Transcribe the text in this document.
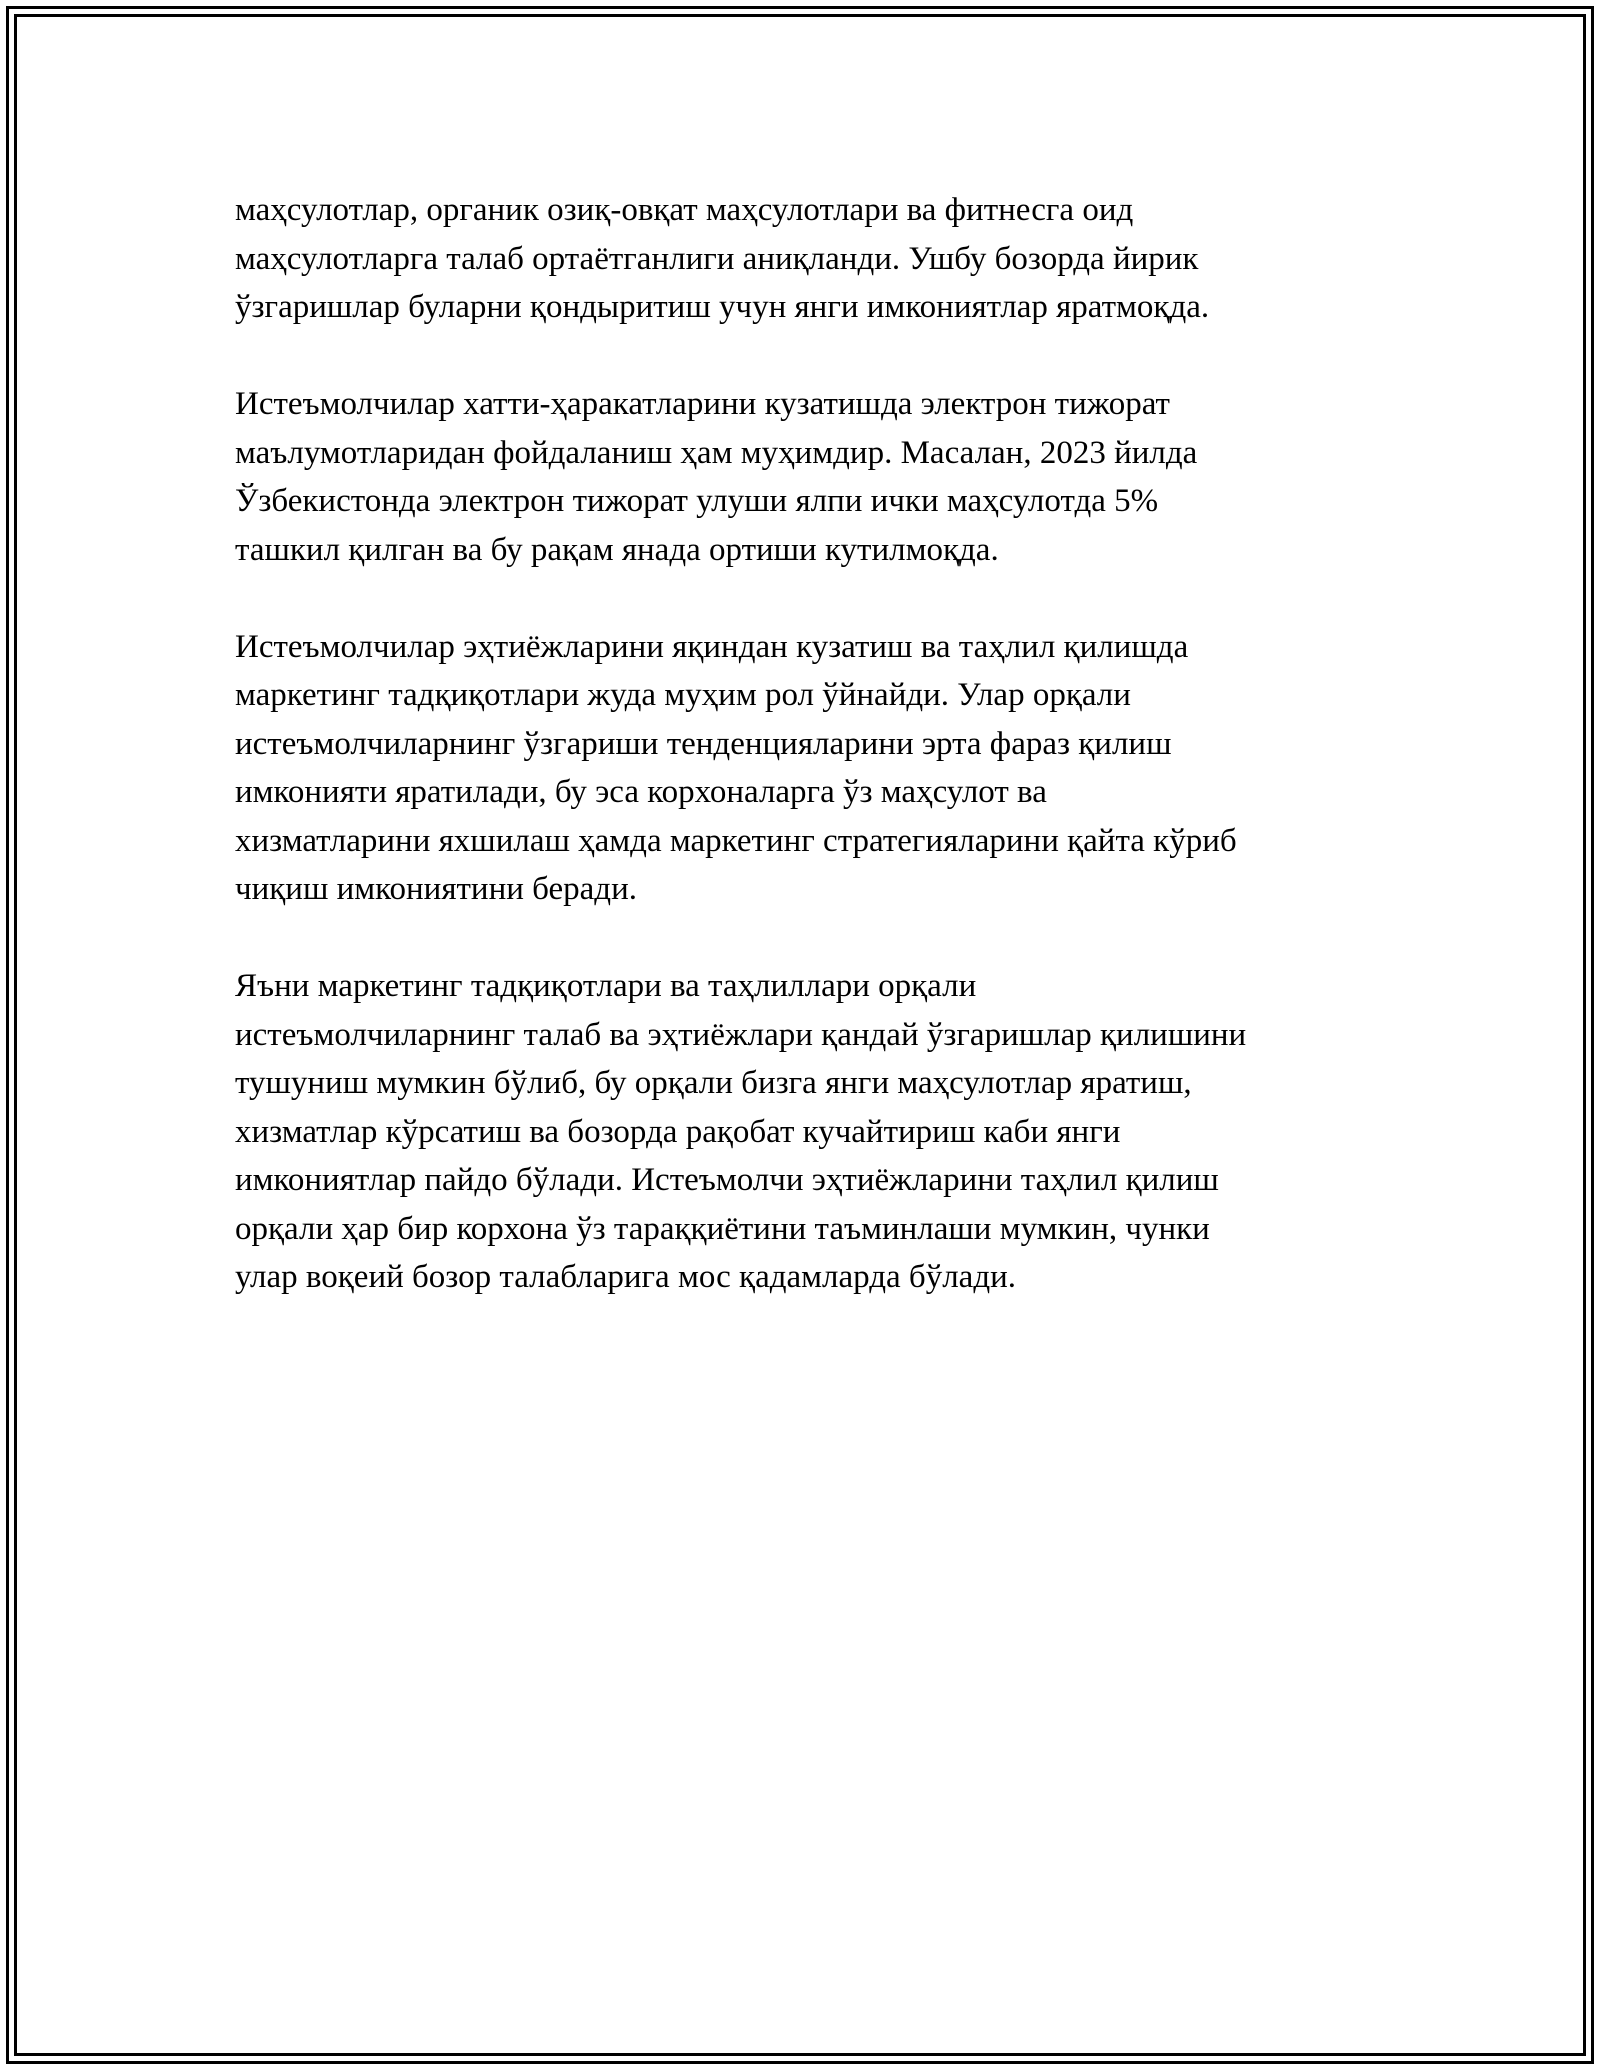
маҳсулотлар, органик озиқ-овқат маҳсулотлари ва фитнесга оид
маҳсулотларга талаб ортаётганлиги аниқланди. Ушбу бозорда йирик
ўзгаришлар буларни қондыритиш учун янги имкониятлар яратмоқда.

Истеъмолчилар хатти-ҳаракатларини кузатишда электрон тижорат
маълумотларидан фойдаланиш ҳам муҳимдир. Масалан, 2023 йилда
Ўзбекистонда электрон тижорат улуши ялпи ички маҳсулотда 5%
ташкил қилган ва бу рақам янада ортиши кутилмоқда.

Истеъмолчилар эҳтиёжларини яқиндан кузатиш ва таҳлил қилишда
маркетинг тадқиқотлари жуда муҳим рол ўйнайди. Улар орқали
истеъмолчиларнинг ўзгариши тенденцияларини эрта фараз қилиш
имконияти яратилади, бу эса корхоналарга ўз маҳсулот ва
хизматларини яхшилаш ҳамда маркетинг стратегияларини қайта кўриб
чиқиш имкониятини беради.

Яъни маркетинг тадқиқотлари ва таҳлиллари орқали
истеъмолчиларнинг талаб ва эҳтиёжлари қандай ўзгаришлар қилишини
тушуниш мумкин бўлиб, бу орқали бизга янги маҳсулотлар яратиш,
хизматлар кўрсатиш ва бозорда рақобат кучайтириш каби янги
имкониятлар пайдо бўлади. Истеъмолчи эҳтиёжларини таҳлил қилиш
орқали ҳар бир корхона ўз тараққиётини таъминлаши мумкин, чунки
улар воқеий бозор талабларига мос қадамларда бўлади.
